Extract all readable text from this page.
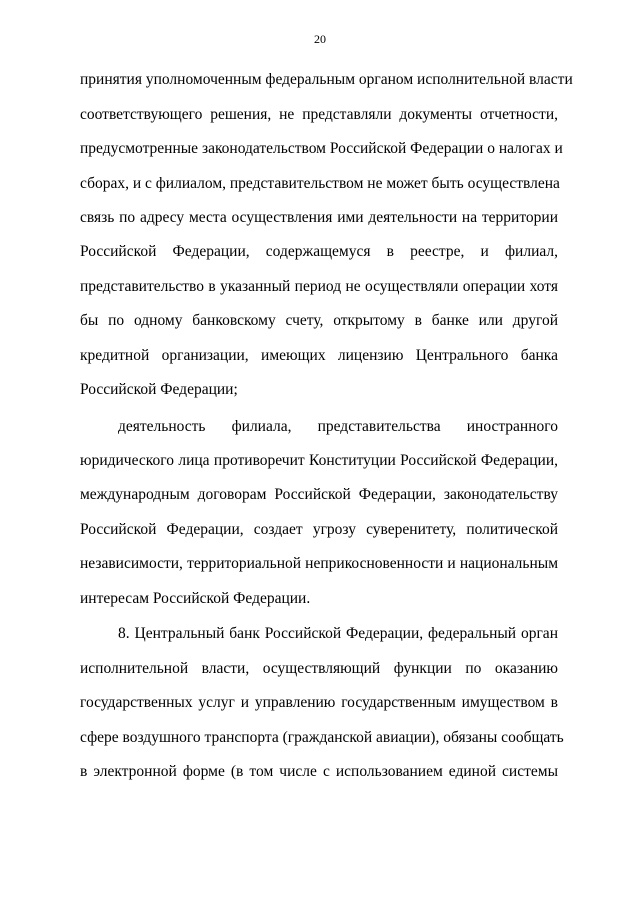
20
принятия уполномоченным федеральным органом исполнительной власти
соответствующего решения, не представляли документы отчетности,
предусмотренные законодательством Российской Федерации о налогах и
сборах, и с филиалом, представительством не может быть осуществлена
связь по адресу места осуществления ими деятельности на территории
Российской Федерации, содержащемуся в реестре, и филиал,
представительство в указанный период не осуществляли операции хотя
бы по одному банковскому счету, открытому в банке или другой
кредитной организации, имеющих лицензию Центрального банка
Российской Федерации;
деятельность филиала, представительства иностранного
юридического лица противоречит Конституции Российской Федерации,
международным договорам Российской Федерации, законодательству
Российской Федерации, создает угрозу суверенитету, политической
независимости, территориальной неприкосновенности и национальным
интересам Российской Федерации.
8. Центральный банк Российской Федерации, федеральный орган
исполнительной власти, осуществляющий функции по оказанию
государственных услуг и управлению государственным имуществом в
сфере воздушного транспорта (гражданской авиации), обязаны сообщать
в электронной форме (в том числе с использованием единой системы
